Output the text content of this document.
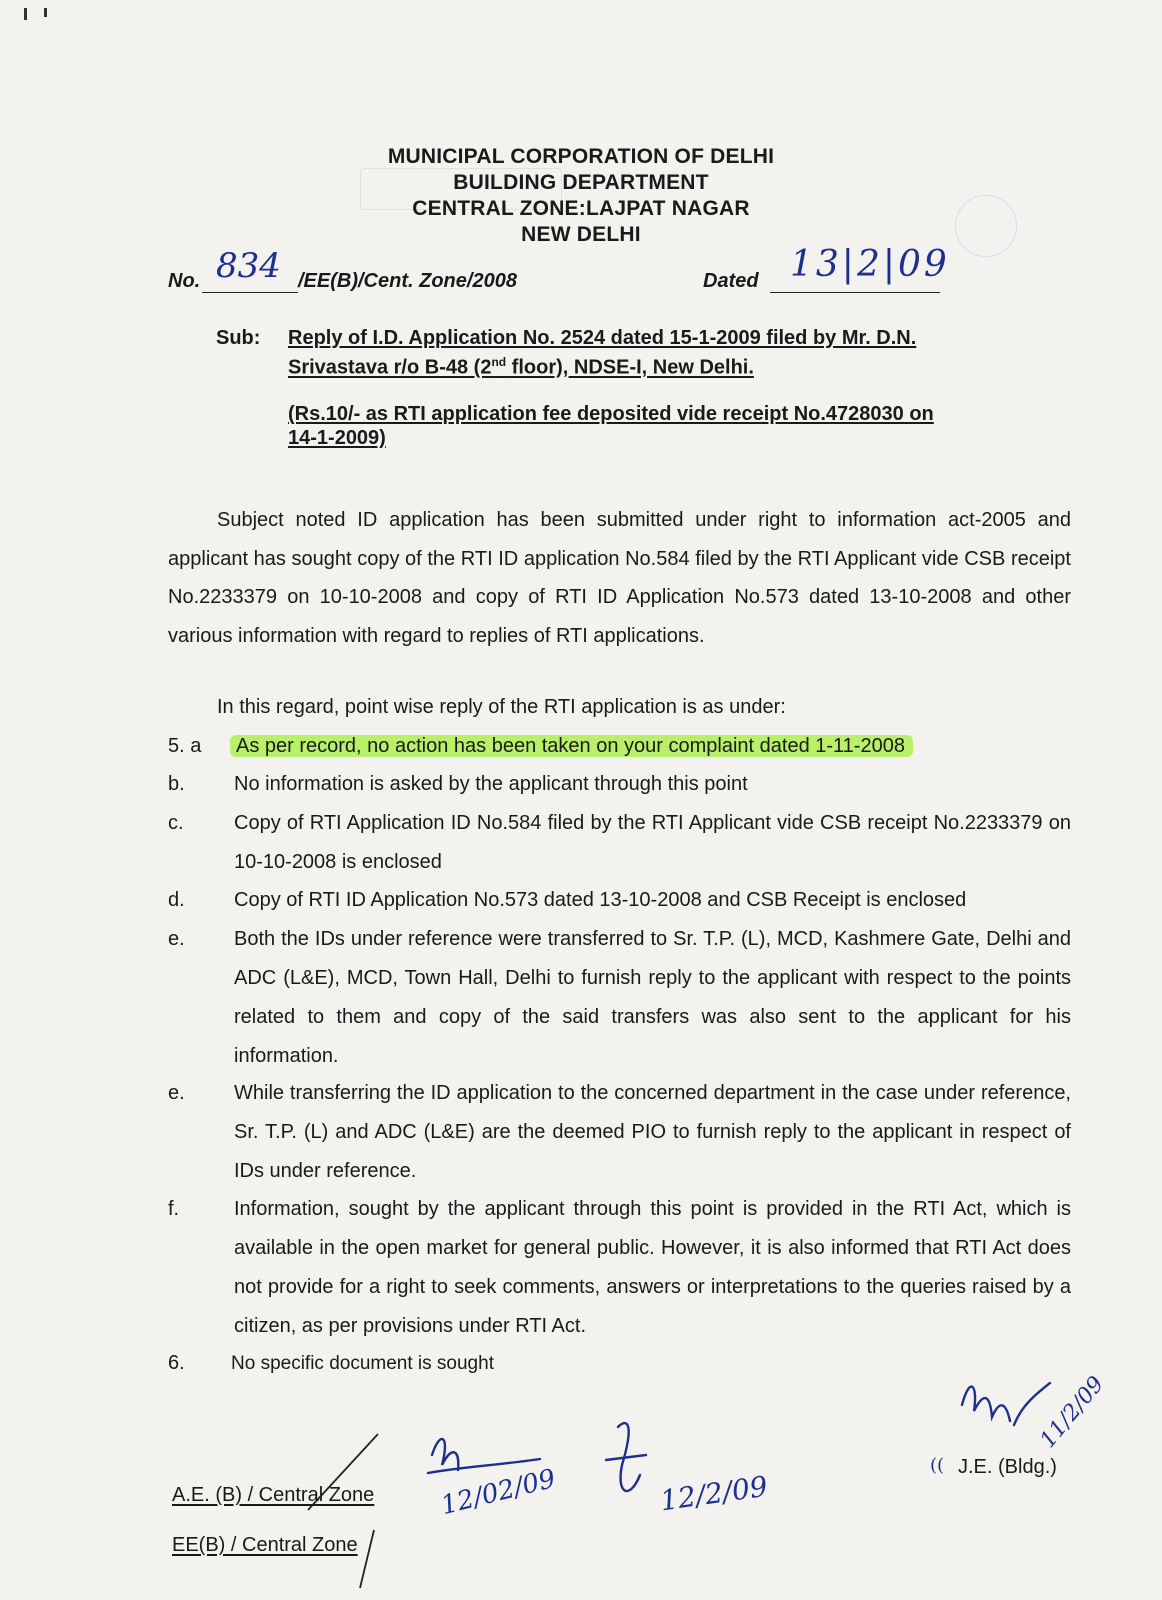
MUNICIPAL CORPORATION OF DELHI
BUILDING DEPARTMENT
CENTRAL ZONE:LAJPAT NAGAR
NEW DELHI
No. 834 /EE(B)/Cent. Zone/2008	Dated 13|2|09
Sub: Reply of I.D. Application No. 2524 dated 15-1-2009 filed by Mr. D.N.
Srivastava r/o B-48 (2nd floor), NDSE-I, New Delhi.
(Rs.10/- as RTI application fee deposited vide receipt No.4728030 on
14-1-2009)
Subject noted ID application has been submitted under right to information act-2005 and applicant has sought copy of the RTI ID application No.584 filed by the RTI Applicant vide CSB receipt No.2233379 on 10-10-2008 and copy of RTI ID Application No.573 dated 13-10-2008 and other various information with regard to replies of RTI applications.
In this regard, point wise reply of the RTI application is as under:
5. a	As per record, no action has been taken on your complaint dated 1-11-2008
b. No information is asked by the applicant through this point
c.	Copy of RTI Application ID No.584 filed by the RTI Applicant vide CSB receipt No.2233379 on 10-10-2008 is enclosed
d. Copy of RTI ID Application No.573 dated 13-10-2008 and CSB Receipt is enclosed
e. Both the IDs under reference were transferred to Sr. T.P. (L), MCD, Kashmere Gate, Delhi and ADC (L&E), MCD, Town Hall, Delhi to furnish reply to the applicant with respect to the points related to them and copy of the said transfers was also sent to the applicant for his information.
e. While transferring the ID application to the concerned department in the case under reference, Sr. T.P. (L) and ADC (L&E) are the deemed PIO to furnish reply to the applicant in respect of IDs under reference.
f.	Information, sought by the applicant through this point is provided in the RTI Act, which is available in the open market for general public. However, it is also informed that RTI Act does not provide for a right to seek comments, answers or interpretations to the queries raised by a citizen, as per provisions under RTI Act.
6. No specific document is sought
11/2/09
(( J.E. (Bldg.)
12/02/09	12/2/09
A.E. (B) / Central Zone
EE(B) / Central Zone
